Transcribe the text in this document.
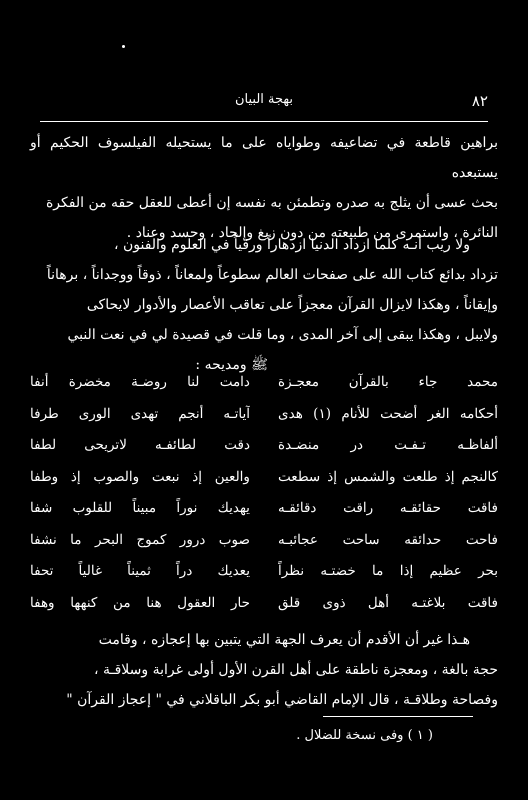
٨٢
بهجة البيان
براهين قاطعة في تضاعيفه وطواياه على ما يستحيله الفيلسوف الحكيم أو يستبعده
بحث عسى أن يثلج به صدره وتطمئن به نفسه إن أعطى للعقل حقه من الفكرة
النائرة ، واستمرى من طبيعته من دون زيغ وإلحاد ، وحسد وعناد .
ولا ريب أنـه كلما ازداد الدنيا ازدهاراً ورقياً في العلوم والفنون ،
تزداد بدائع كتاب الله على صفحات العالم سطوعاً ولمعاناً ، ذوقاً ووجداناً ، برهاناً
وإيقاناً ، وهكذا لايزال القرآن معجزاً على تعاقب الأعصار والأدوار لايحاكى
ولايبل ، وهكذا يبقى إلى آخر المدى ، وما قلت في قصيدة لي في نعت النبي
ﷺ ومديحه :
محمد جاء بالقرآن معجـزة
دامت لنا روضـة مخضرة أنفا
أحكامه الغر أضحت للأنام (١) هدى
آياتـه أنجم تهدى الورى طرفا
ألفاظـه تـفـت در منضـدة
دقت لطائفـه لاتريحى لطفا
كالنجم إذ طلعت والشمس إذ سطعت
والعين إذ نبعت والصوب إذ وطفا
فاقت حقائقـه راقت دقائقـه
يهديك نوراً مبيناً للقلوب شفا
فاحت حدائقه ساحت عجائبـه
صوب درور كموج البحر ما نشفا
بحر عظيم إذا ما خضتـه نظراً
يعديك دراً ثميناً غالياً تحفا
فاقت بلاغتـه أهل ذوى قلق
حار العقول هنا من كنهها وهفا
هـذا غير أن الأقدم أن يعرف الجهة التي يتبين بها إعجازه ، وقامت
حجة بالغة ، ومعجزة ناطقة على أهل القرن الأول أولى غرابة وسلاقـة ،
وفصاحة وطلاقـة ، قال الإمام القاضي أبو بكر الباقلاني في " إعجاز القرآن "
( ١ ) وفى نسخة للضلال .
